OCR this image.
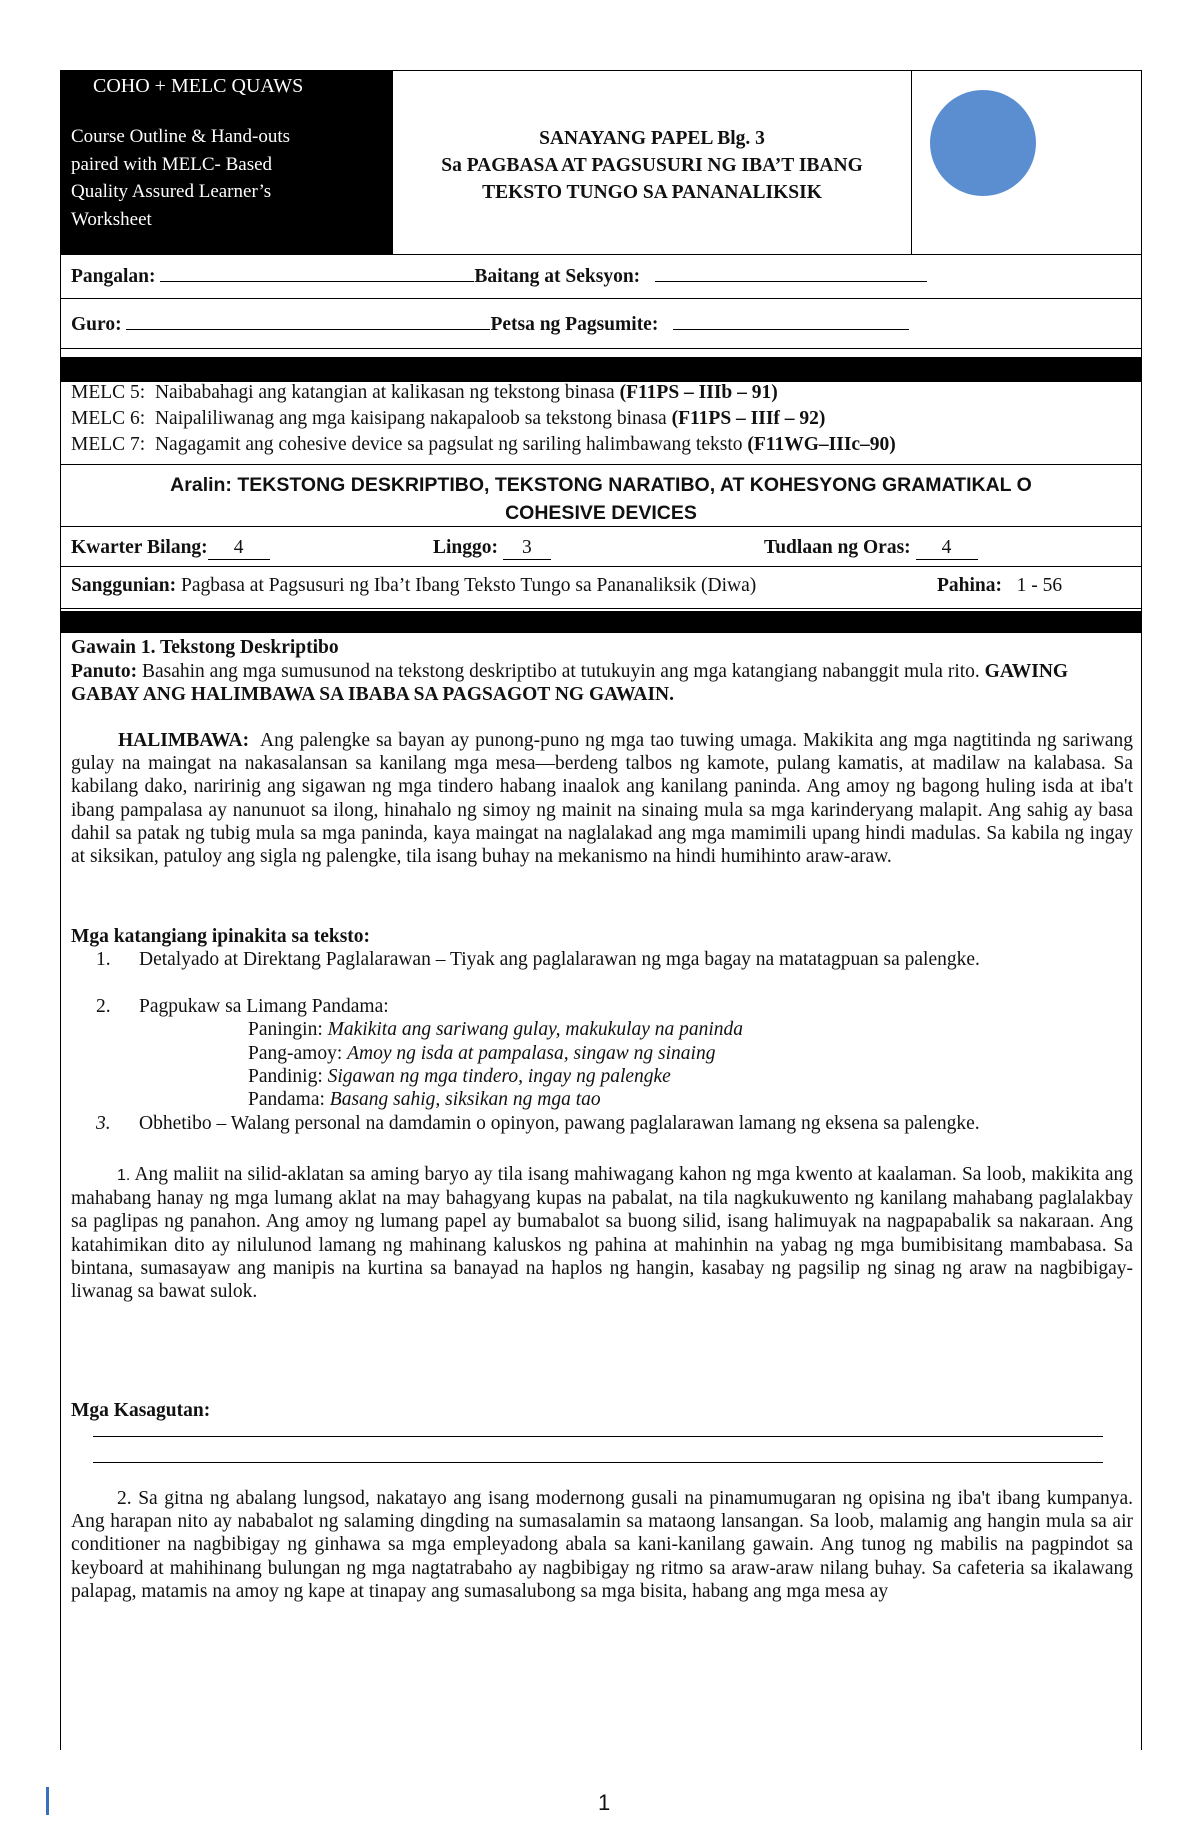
COHO + MELC QUAWS
Course Outline & Hand-outs
paired with MELC- Based
Quality Assured Learner’s
Worksheet
SANAYANG PAPEL Blg. 3
Sa PAGBASA AT PAGSUSURI NG IBA’T IBANG
TEKSTO TUNGO SA PANANALIKSIK
Pangalan:	Baitang at Seksyon:
Guro:	Petsa ng Pagsumite:
MELC 5: Naibabahagi ang katangian at kalikasan ng tekstong binasa (F11PS – IIIb – 91)
MELC 6: Naipaliliwanag ang mga kaisipang nakapaloob sa tekstong binasa (F11PS – IIIf – 92)
MELC 7: Nagagamit ang cohesive device sa pagsulat ng sariling halimbawang teksto (F11WG–IIIc–90)
Aralin: TEKSTONG DESKRIPTIBO, TEKSTONG NARATIBO, AT KOHESYONG GRAMATIKAL O
COHESIVE DEVICES
Kwarter Bilang: 4	Linggo: 3	Tudlaan ng Oras: 4
Sanggunian: Pagbasa at Pagsusuri ng Iba’t Ibang Teksto Tungo sa Pananaliksik (Diwa)	Pahina: 1 - 56
Gawain 1. Tekstong Deskriptibo
Panuto: Basahin ang mga sumusunod na tekstong deskriptibo at tutukuyin ang mga katangiang nabanggit mula rito. GAWING GABAY ANG HALIMBAWA SA IBABA SA PAGSAGOT NG GAWAIN.
HALIMBAWA: Ang palengke sa bayan ay punong-puno ng mga tao tuwing umaga. Makikita ang mga nagtitinda ng sariwang gulay na maingat na nakasalansan sa kanilang mga mesa—berdeng talbos ng kamote, pulang kamatis, at madilaw na kalabasa. Sa kabilang dako, naririnig ang sigawan ng mga tindero habang inaalok ang kanilang paninda. Ang amoy ng bagong huling isda at iba't ibang pampalasa ay nanunuot sa ilong, hinahalo ng simoy ng mainit na sinaing mula sa mga karinderyang malapit. Ang sahig ay basa dahil sa patak ng tubig mula sa mga paninda, kaya maingat na naglalakad ang mga mamimili upang hindi madulas. Sa kabila ng ingay at siksikan, patuloy ang sigla ng palengke, tila isang buhay na mekanismo na hindi humihinto araw-araw.
Mga katangiang ipinakita sa teksto:
1.	Detalyado at Direktang Paglalarawan – Tiyak ang paglalarawan ng mga bagay na matatagpuan sa palengke.
2.	Pagpukaw sa Limang Pandama:
Paningin: Makikita ang sariwang gulay, makukulay na paninda
Pang-amoy: Amoy ng isda at pampalasa, singaw ng sinaing
Pandinig: Sigawan ng mga tindero, ingay ng palengke
Pandama: Basang sahig, siksikan ng mga tao
3.	Obhetibo – Walang personal na damdamin o opinyon, pawang paglalarawan lamang ng eksena sa palengke.
1. Ang maliit na silid-aklatan sa aming baryo ay tila isang mahiwagang kahon ng mga kwento at kaalaman. Sa loob, makikita ang mahabang hanay ng mga lumang aklat na may bahagyang kupas na pabalat, na tila nagkukuwento ng kanilang mahabang paglalakbay sa paglipas ng panahon. Ang amoy ng lumang papel ay bumabalot sa buong silid, isang halimuyak na nagpapabalik sa nakaraan. Ang katahimikan dito ay nilulunod lamang ng mahinang kaluskos ng pahina at mahinhin na yabag ng mga bumibisitang mambabasa. Sa bintana, sumasayaw ang manipis na kurtina sa banayad na haplos ng hangin, kasabay ng pagsilip ng sinag ng araw na nagbibigay-liwanag sa bawat sulok.
Mga Kasagutan:
2. Sa gitna ng abalang lungsod, nakatayo ang isang modernong gusali na pinamumugaran ng opisina ng iba't ibang kumpanya. Ang harapan nito ay nababalot ng salaming dingding na sumasalamin sa mataong lansangan. Sa loob, malamig ang hangin mula sa air conditioner na nagbibigay ng ginhawa sa mga empleyadong abala sa kani-kanilang gawain. Ang tunog ng mabilis na pagpindot sa keyboard at mahihinang bulungan ng mga nagtatrabaho ay nagbibigay ng ritmo sa araw-araw nilang buhay. Sa cafeteria sa ikalawang palapag, matamis na amoy ng kape at tinapay ang sumasalubong sa mga bisita, habang ang mga mesa ay
1
